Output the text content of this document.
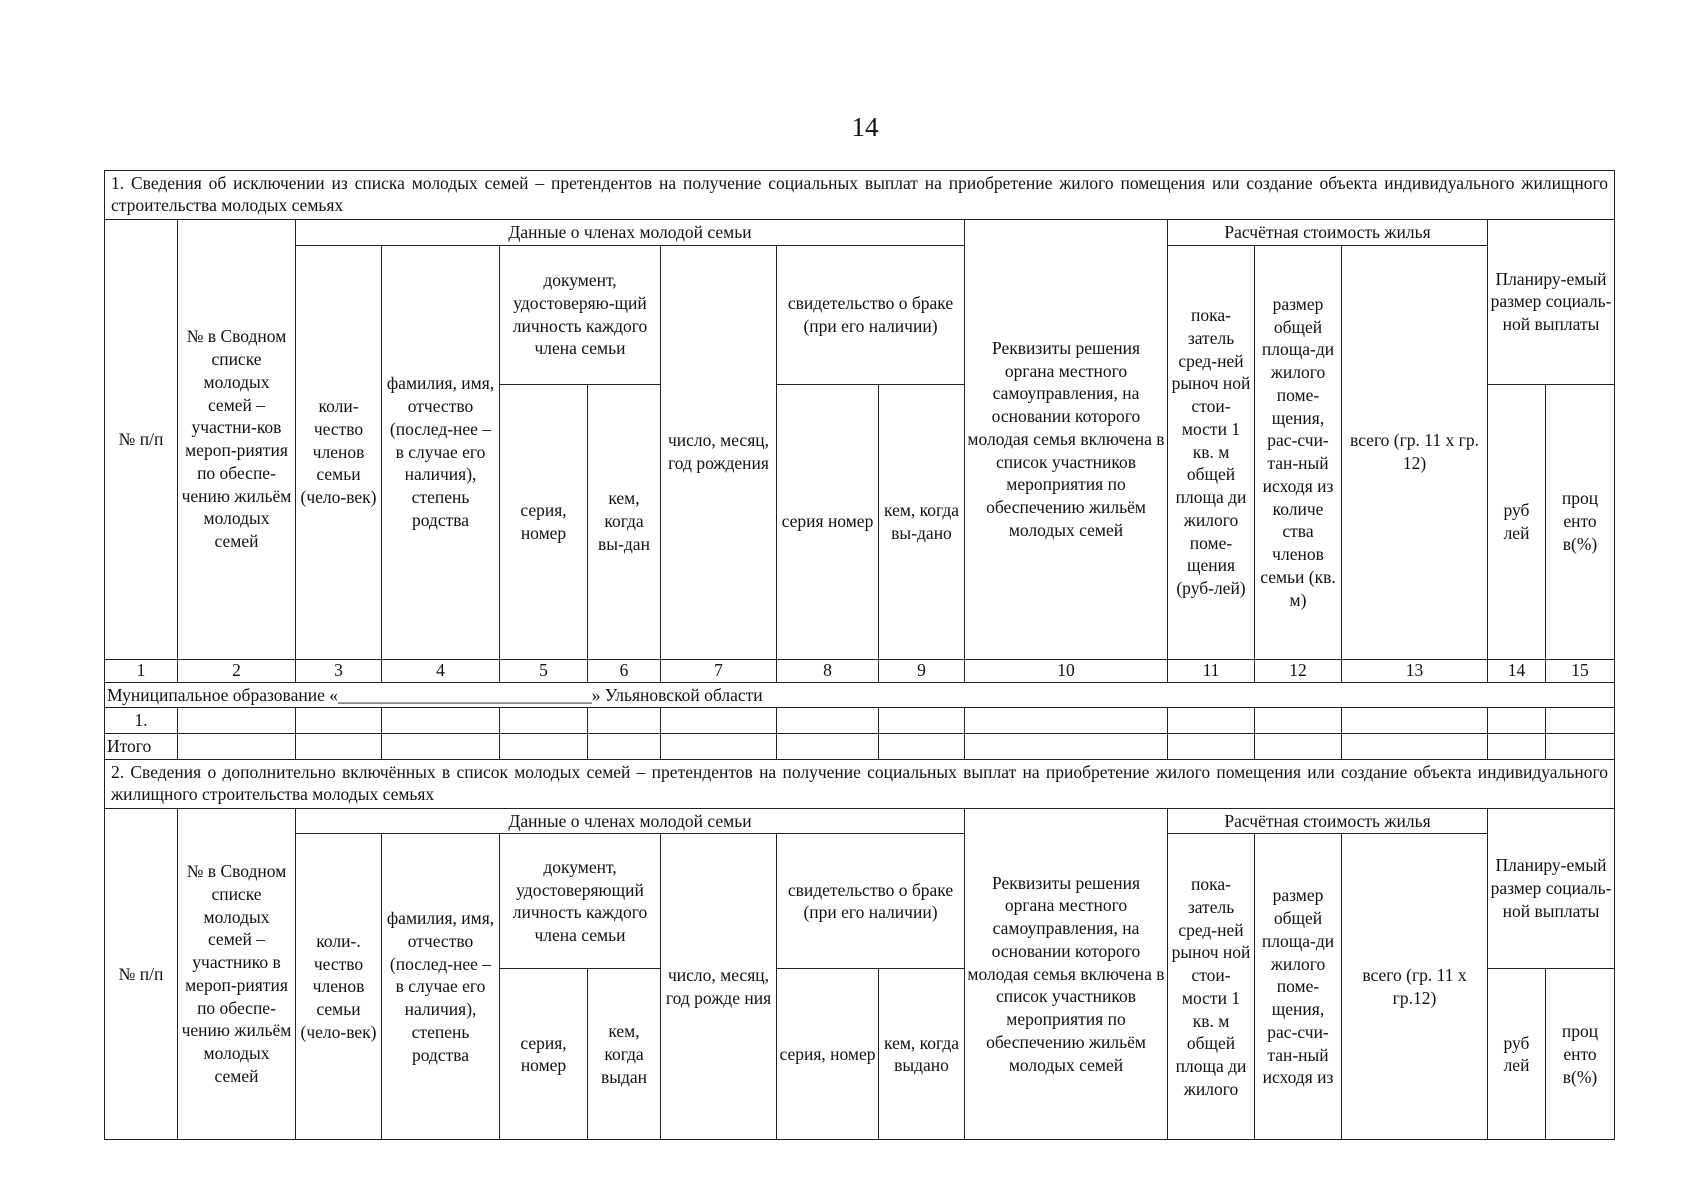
14
1. Сведения об исключении из списка молодых семей – претендентов на получение социальных выплат на приобретение жилого помещения или создание объекта индивидуального жилищного строительства молодых семьях														
№ п/п	№ в Сводном списке молодых семей – участни-ков мероп-риятия по обеспе-чению жильём молодых семей	Данные о членах молодой семьи							Реквизиты решения органа местного самоуправления, на основании которого молодая семья включена в список участников мероприятия по обеспечению жильём молодых семей	Расчётная стоимость жилья			Планиру-емый размер социаль-ной выплаты	
		коли-чество членов семьи (чело-век)	фамилия, имя, отчество (послед-нее – в случае его наличия), степень родства	документ, удостоверяю-щий личность каждого члена семьи		число, месяц, год рождения	свидетельство о браке (при его наличии)			пока-затель сред-ней рыноч ной стои-мости 1 кв. м общей площа ди жилого поме-щения (руб-лей)	размер общей площа-ди жилого поме-щения, рас-счи-тан-ный исходя из количе ства членов семьи (кв. м)	всего (гр. 11 х гр. 12)		
				серия, номер	кем, когда вы-дан		серия номер	кем, когда вы-дано					руб лей	проц енто в(%)
1	2	3	4	5	6	7	8	9	10	11	12	13	14	15
Муниципальное образование «_____________________________» Ульяновской области														
1.														
Итого														
2. Сведения о дополнительно включённых в список молодых семей – претендентов на получение социальных выплат на приобретение жилого помещения или создание объекта индивидуального жилищного строительства молодых семьях														
№ п/п	№ в Сводном списке молодых семей – участнико в мероп-риятия по обеспе-чению жильём молодых семей	Данные о членах молодой семьи							Реквизиты решения органа местного самоуправления, на основании которого молодая семья включена в список участников мероприятия по обеспечению жильём молодых семей	Расчётная стоимость жилья			Планиру-емый размер социаль-ной выплаты	
		коли-. чество членов семьи (чело-век)	фамилия, имя, отчество (послед-нее – в случае его наличия), степень родства	документ, удостоверяющий личность каждого члена семьи		число, месяц, год рожде ния	свидетельство о браке (при его наличии)			пока-затель сред-ней рыноч ной стои-мости 1 кв. м общей площа ди жилого	размер общей площа-ди жилого поме-щения, рас-счи-тан-ный исходя из	всего (гр. 11 х гр.12)		
				серия, номер	кем, когда выдан		серия, номер	кем, когда выдано					руб лей	проц енто в(%)
